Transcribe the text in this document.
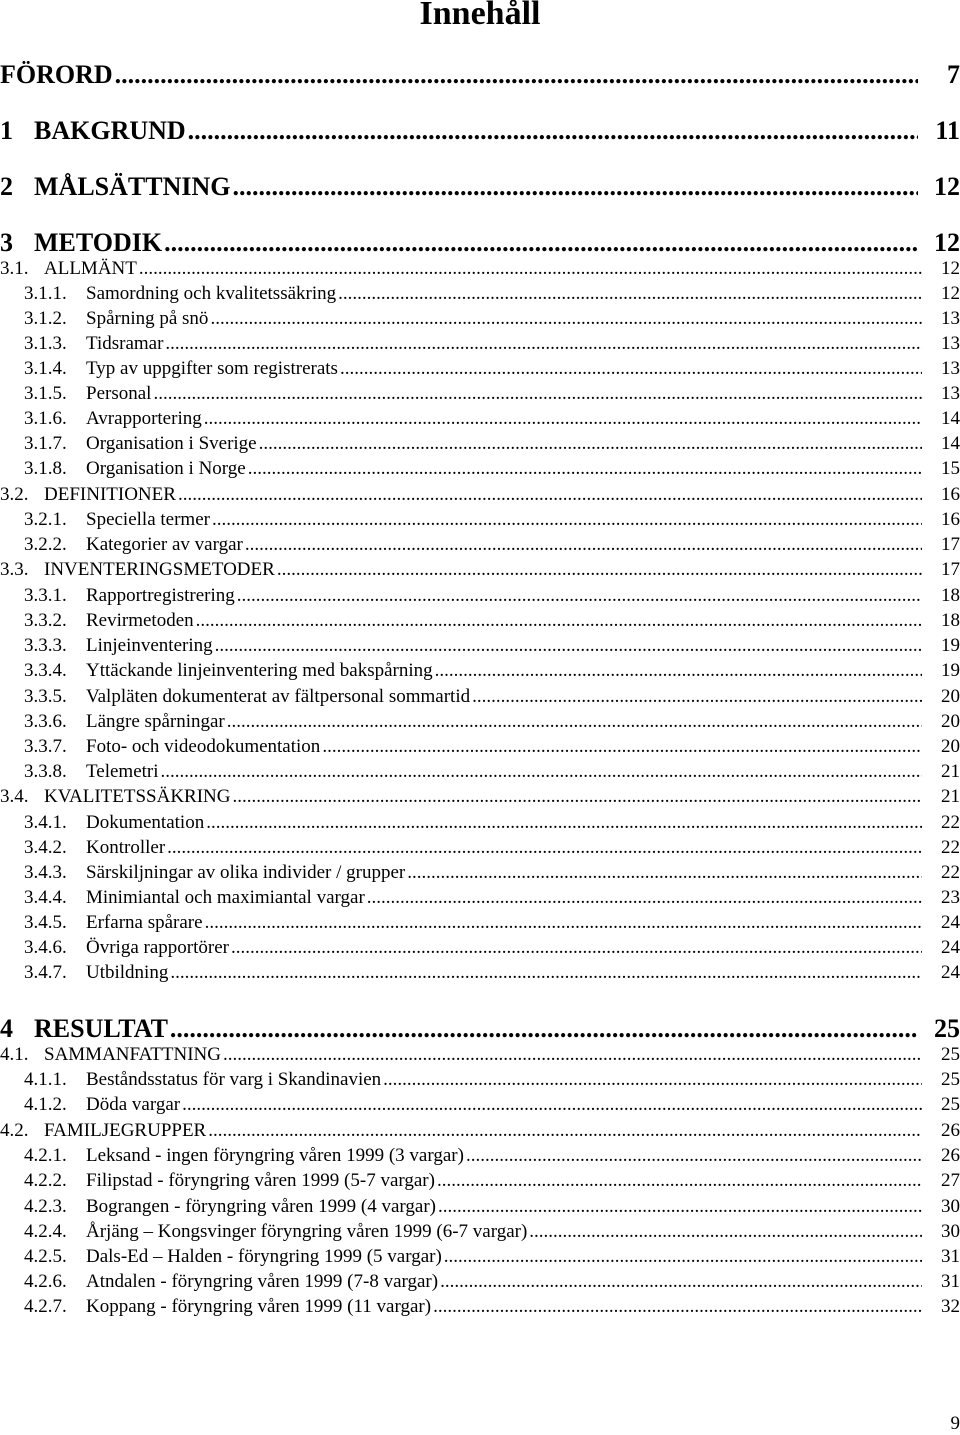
Innehåll
FÖRORD .....	7
1 BAKGRUND .....	11
2 MÅLSÄTTNING .....	12
3 METODIK .....	12
3.1. ALLMÄNT .....	12
3.1.1.	Samordning och kvalitetssäkring .....	12
3.1.2.	Spårning på snö .....	13
3.1.3.	Tidsramar .....	13
3.1.4.	Typ av uppgifter som registrerats .....	13
3.1.5.	Personal .....	13
3.1.6.	Avrapportering .....	14
3.1.7.	Organisation i Sverige .....	14
3.1.8.	Organisation i Norge .....	15
3.2. DEFINITIONER .....	16
3.2.1.	Speciella termer .....	16
3.2.2.	Kategorier av vargar .....	17
3.3. INVENTERINGSMETODER .....	17
3.3.1.	Rapportregistrering .....	18
3.3.2.	Revirmetoden .....	18
3.3.3.	Linjeinventering .....	19
3.3.4.	Yttäckande linjeinventering med bakspårning .....	19
3.3.5.	Valpläten dokumenterat av fältpersonal sommartid .....	20
3.3.6.	Längre spårningar .....	20
3.3.7.	Foto- och videodokumentation .....	20
3.3.8.	Telemetri .....	21
3.4. KVALITETSSÄKRING .....	21
3.4.1.	Dokumentation .....	22
3.4.2.	Kontroller .....	22
3.4.3.	Särskiljningar av olika individer / grupper .....	22
3.4.4.	Minimiantal och maximiantal vargar .....	23
3.4.5.	Erfarna spårare .....	24
3.4.6.	Övriga rapportörer .....	24
3.4.7.	Utbildning .....	24
4 RESULTAT .....	25
4.1. SAMMANFATTNING .....	25
4.1.1.	Beståndsstatus för varg i Skandinavien .....	25
4.1.2.	Döda vargar .....	25
4.2. FAMILJEGRUPPER .....	26
4.2.1.	Leksand - ingen föryngring våren 1999 (3 vargar) .....	26
4.2.2.	Filipstad - föryngring våren 1999 (5-7 vargar) .....	27
4.2.3.	Bograngen - föryngring våren 1999 (4 vargar) .....	30
4.2.4.	Årjäng – Kongsvinger föryngring våren 1999 (6-7 vargar) .....	30
4.2.5.	Dals-Ed – Halden - föryngring 1999 (5 vargar) .....	31
4.2.6.	Atndalen - föryngring våren 1999 (7-8 vargar) .....	31
4.2.7.	Koppang - föryngring våren 1999 (11 vargar) .....	32
9
